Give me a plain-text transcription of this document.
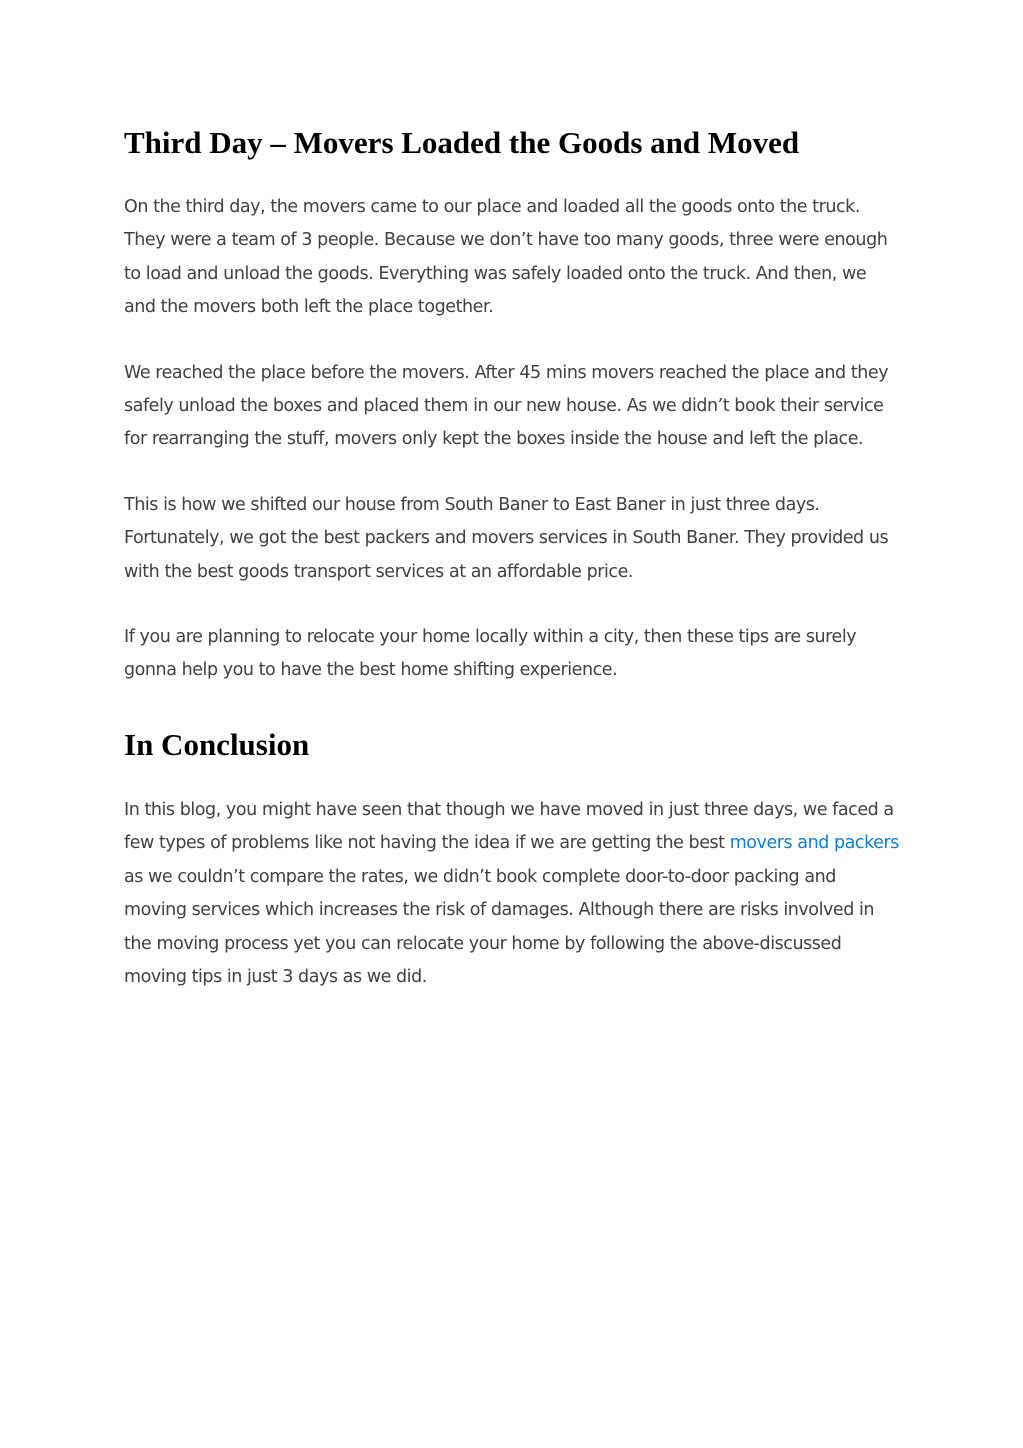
Third Day – Movers Loaded the Goods and Moved

On the third day, the movers came to our place and loaded all the goods onto the truck. They were a team of 3 people. Because we don’t have too many goods, three were enough to load and unload the goods. Everything was safely loaded onto the truck. And then, we and the movers both left the place together.

We reached the place before the movers. After 45 mins movers reached the place and they safely unload the boxes and placed them in our new house. As we didn’t book their service for rearranging the stuff, movers only kept the boxes inside the house and left the place.

This is how we shifted our house from South Baner to East Baner in just three days. Fortunately, we got the best packers and movers services in South Baner. They provided us with the best goods transport services at an affordable price.

If you are planning to relocate your home locally within a city, then these tips are surely gonna help you to have the best home shifting experience.

In Conclusion

In this blog, you might have seen that though we have moved in just three days, we faced a few types of problems like not having the idea if we are getting the best movers and packers as we couldn’t compare the rates, we didn’t book complete door-to-door packing and moving services which increases the risk of damages. Although there are risks involved in the moving process yet you can relocate your home by following the above-discussed moving tips in just 3 days as we did.
